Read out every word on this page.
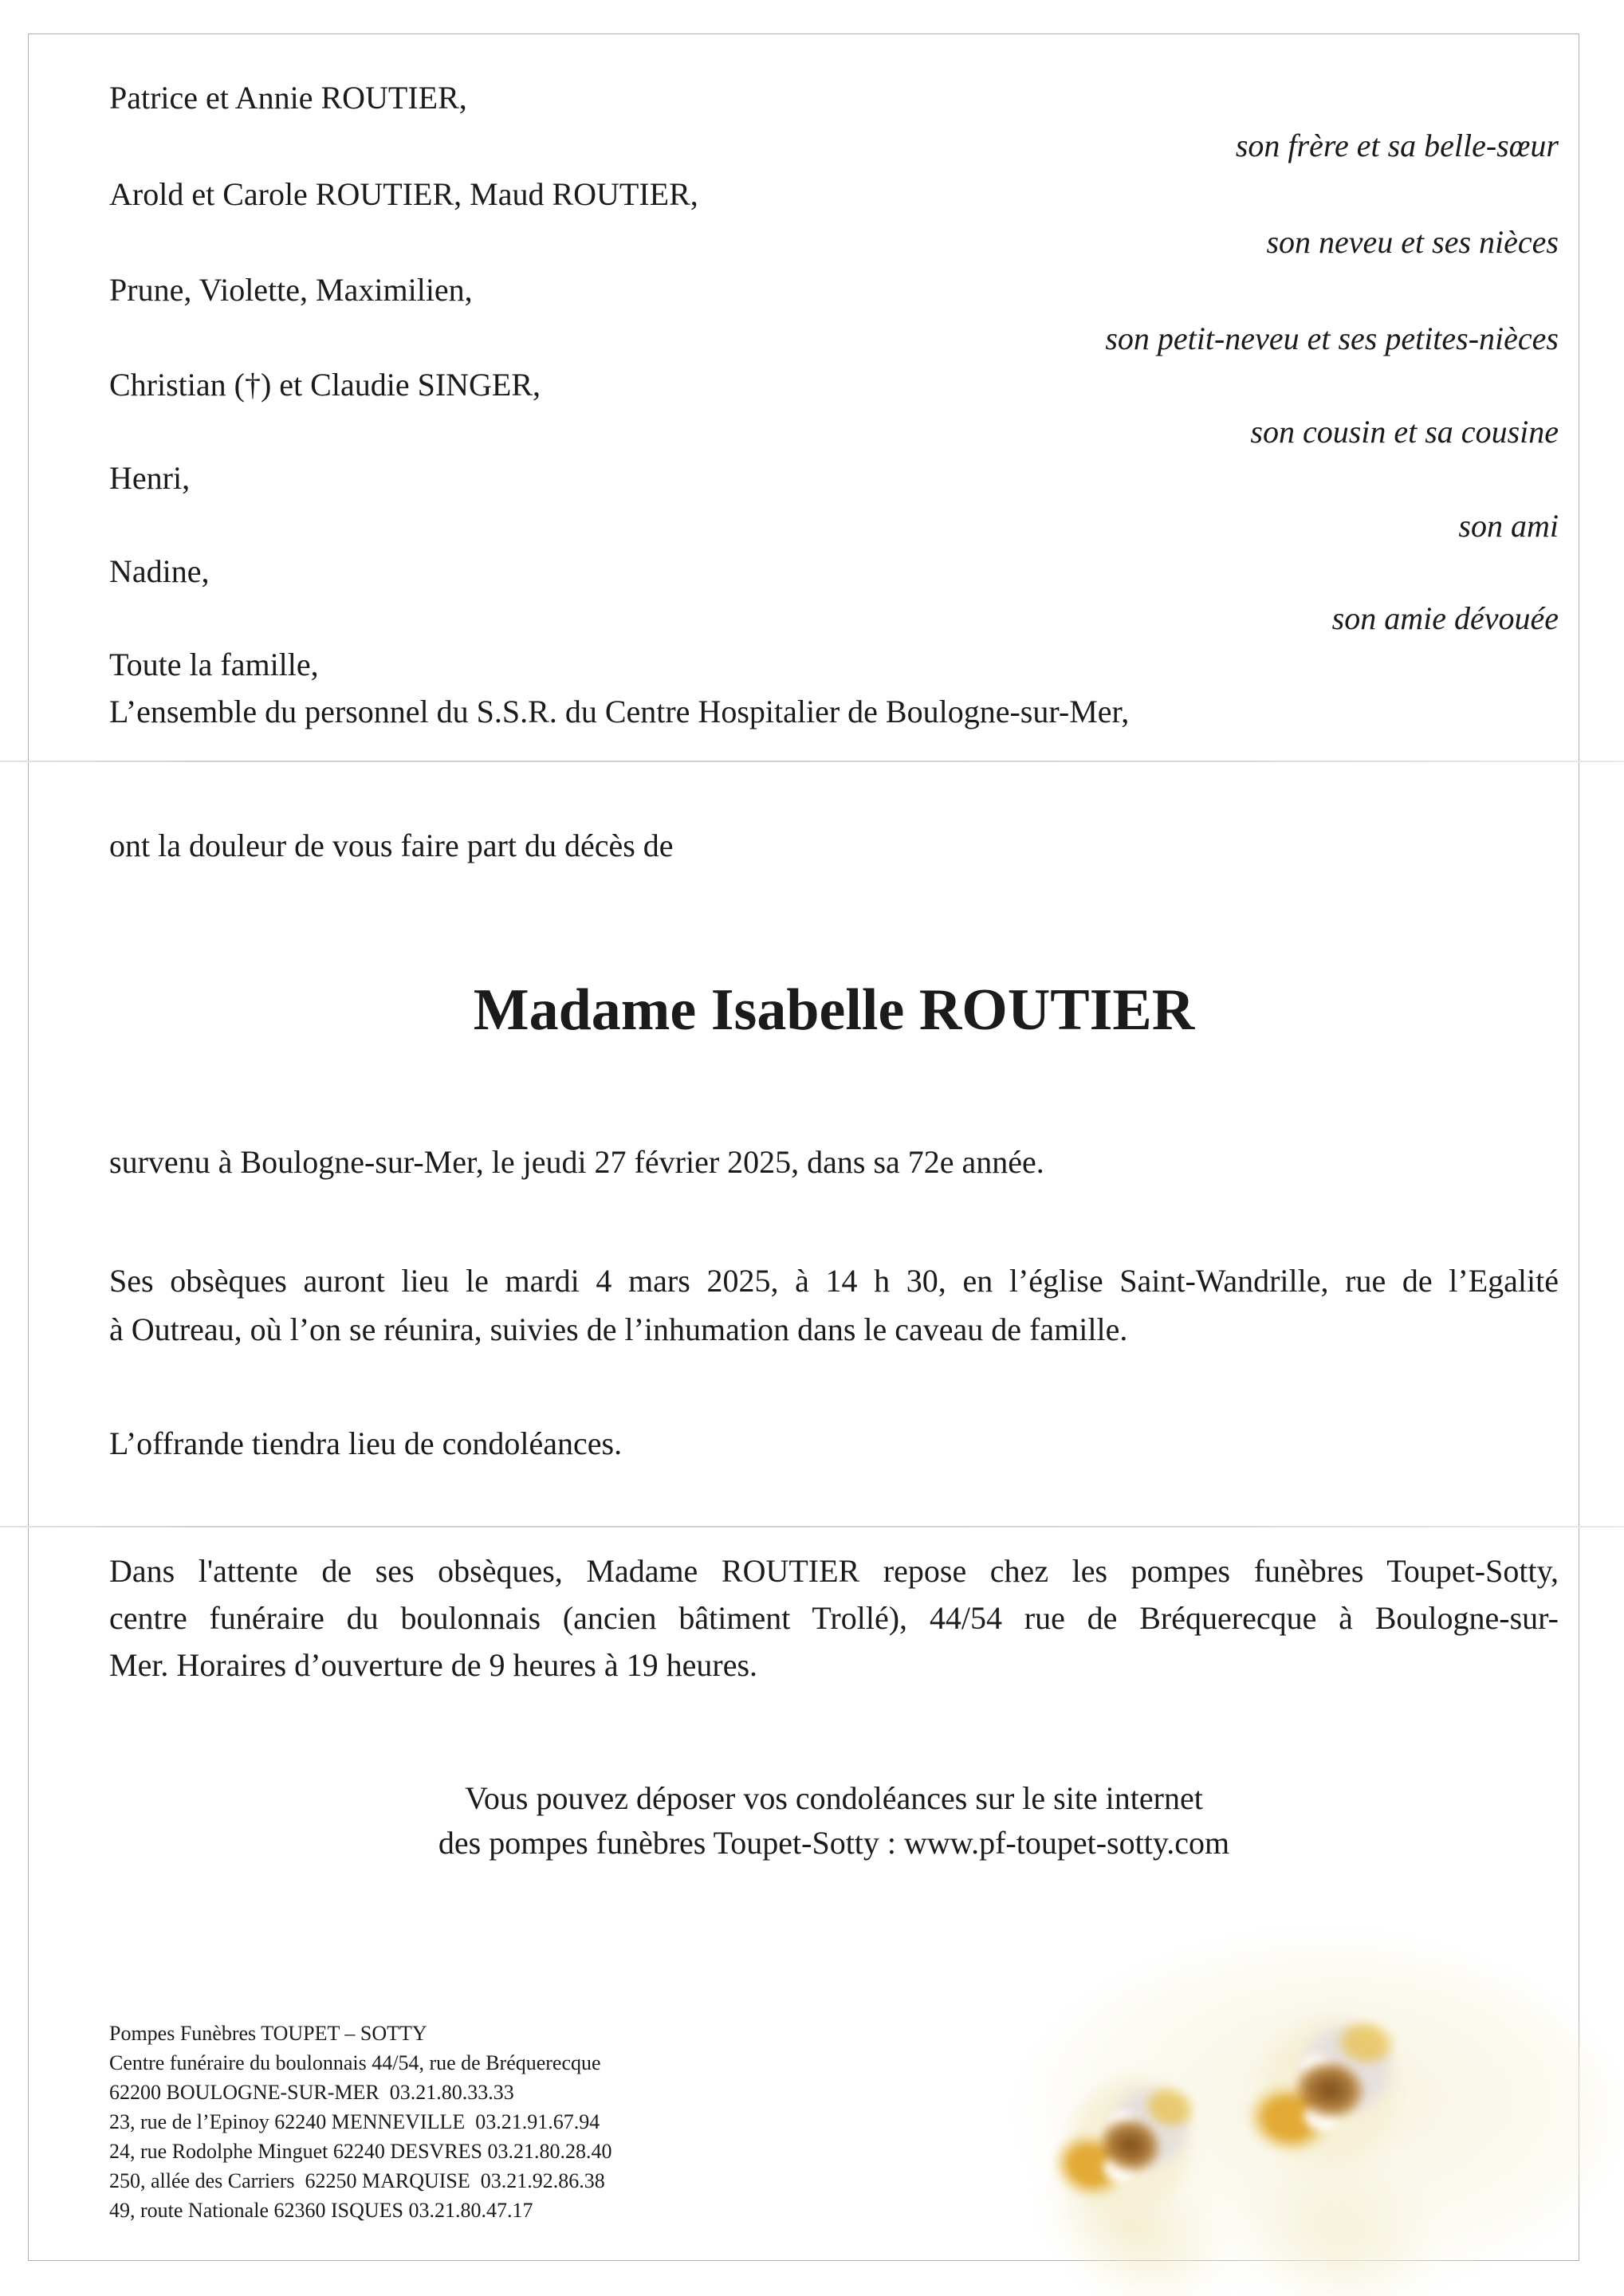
Patrice et Annie ROUTIER,
son frère et sa belle-sœur
Arold et Carole ROUTIER, Maud ROUTIER,
son neveu et ses nièces
Prune, Violette, Maximilien,
son petit-neveu et ses petites-nièces
Christian (†) et Claudie SINGER,
son cousin et sa cousine
Henri,
son ami
Nadine,
son amie dévouée
Toute la famille,
L’ensemble du personnel du S.S.R. du Centre Hospitalier de Boulogne-sur-Mer,
ont la douleur de vous faire part du décès de
Madame Isabelle ROUTIER
survenu à Boulogne-sur-Mer, le jeudi 27 février 2025, dans sa 72e année.
Ses obsèques auront lieu le mardi 4 mars 2025, à 14 h 30, en l’église Saint-Wandrille, rue de l’Egalité
à Outreau, où l’on se réunira, suivies de l’inhumation dans le caveau de famille.
L’offrande tiendra lieu de condoléances.
Dans l'attente de ses obsèques, Madame ROUTIER repose chez les pompes funèbres Toupet-Sotty,
centre funéraire du boulonnais (ancien bâtiment Trollé), 44/54 rue de Bréquerecque à Boulogne-sur-
Mer. Horaires d’ouverture de 9 heures à 19 heures.
Vous pouvez déposer vos condoléances sur le site internet
des pompes funèbres Toupet-Sotty : www.pf-toupet-sotty.com
Pompes Funèbres TOUPET – SOTTY
Centre funéraire du boulonnais 44/54, rue de Bréquerecque
62200 BOULOGNE-SUR-MER  03.21.80.33.33
23, rue de l’Epinoy 62240 MENNEVILLE  03.21.91.67.94
24, rue Rodolphe Minguet 62240 DESVRES 03.21.80.28.40
250, allée des Carriers  62250 MARQUISE  03.21.92.86.38
49, route Nationale 62360 ISQUES 03.21.80.47.17
